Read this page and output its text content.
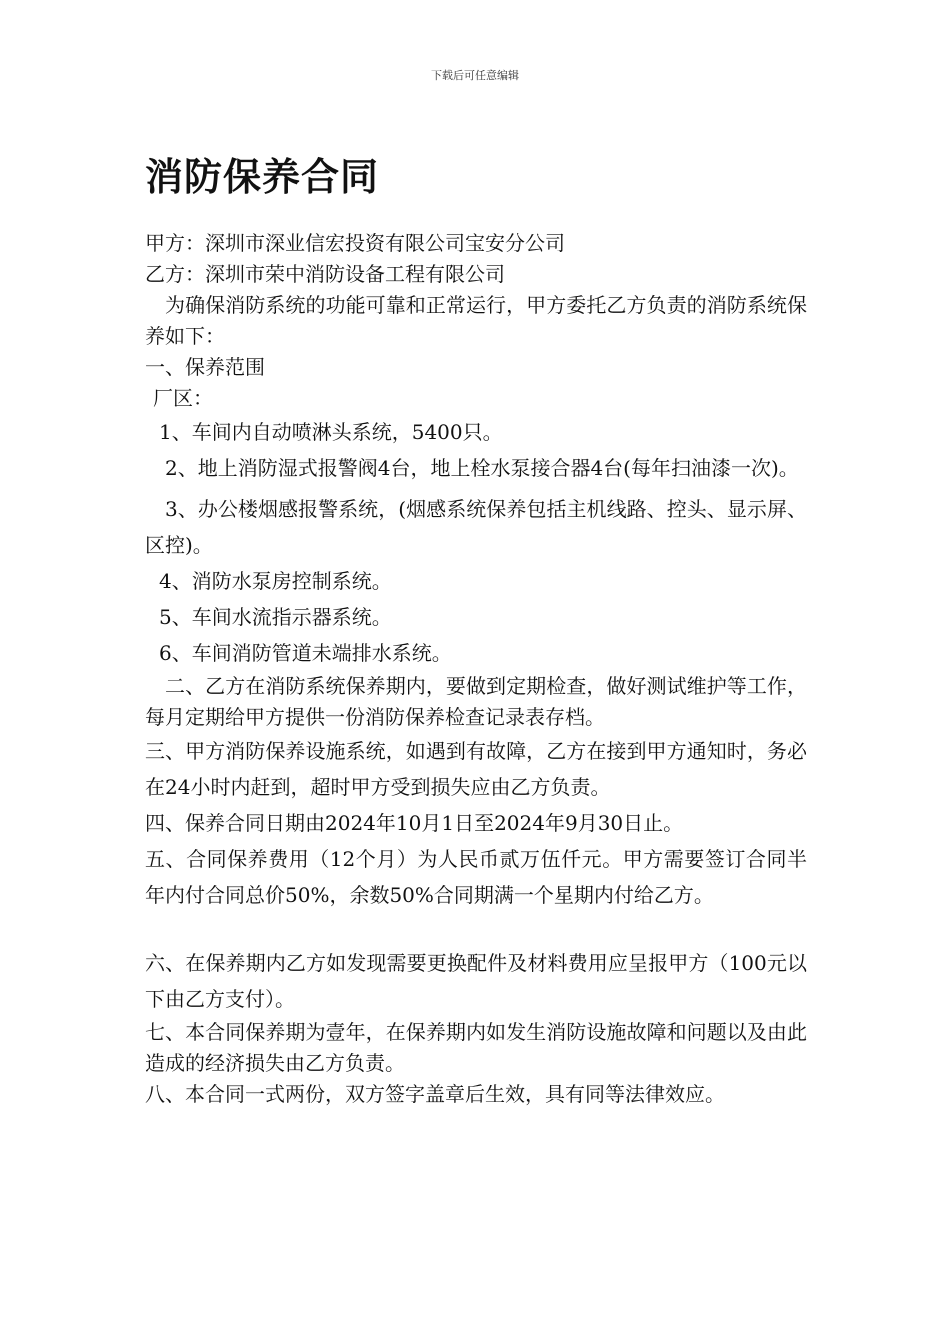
下载后可任意编辑
消防保养合同

甲方：深圳市深业信宏投资有限公司宝安分公司

乙方：深圳市荣中消防设备工程有限公司

为确保消防系统的功能可靠和正常运行，甲方委托乙方负责的消防系统保养如下：

一、保养范围

厂区：

1、车间内自动喷淋头系统，5400只。

2、地上消防湿式报警阀4台，地上栓水泵接合器4台(每年扫油漆一次)。

3、办公楼烟感报警系统，(烟感系统保养包括主机线路、控头、显示屏、区控)。

4、消防水泵房控制系统。

5、车间水流指示器系统。

6、车间消防管道未端排水系统。

二、乙方在消防系统保养期内，要做到定期检查，做好测试维护等工作，每月定期给甲方提供一份消防保养检查记录表存档。

三、甲方消防保养设施系统，如遇到有故障，乙方在接到甲方通知时，务必在24小时内赶到，超时甲方受到损失应由乙方负责。

四、保养合同日期由2024年10月1日至2024年9月30日止。

五、合同保养费用（12个月）为人民币贰万伍仟元。甲方需要签订合同半年内付合同总价50%，余数50%合同期满一个星期内付给乙方。

六、在保养期内乙方如发现需要更换配件及材料费用应呈报甲方（100元以下由乙方支付）。

七、本合同保养期为壹年，在保养期内如发生消防设施故障和问题以及由此造成的经济损失由乙方负责。

八、本合同一式两份，双方签字盖章后生效，具有同等法律效应。
